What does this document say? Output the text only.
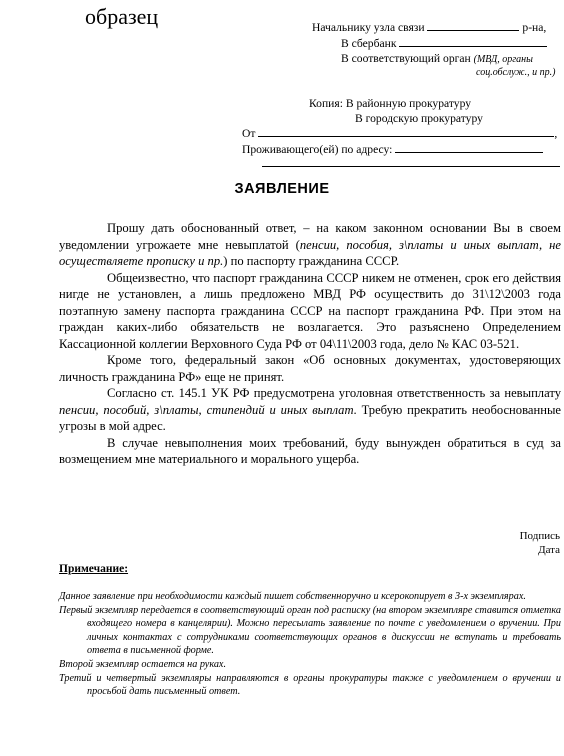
образец	Начальнику узла связи	р-на,
В сбербанк
В соответствующий орган (МВД, органы
соц.обслуж., и пр.)
Копия: В районную прокуратуру
В городскую прокуратуру
От	,
Проживающего(ей) по адресу:
ЗАЯВЛЕНИЕ

Прошу дать обоснованный ответ, – на каком законном основании Вы в своем уведомлении угрожаете мне невыплатой (пенсии, пособия, з\платы и иных выплат, не осуществляете прописку и пр.) по паспорту гражданина СССР.

Общеизвестно, что паспорт гражданина СССР никем не отменен, срок его действия нигде не установлен, а лишь предложено МВД РФ осуществить до 31\12\2003 года поэтапную замену паспорта гражданина СССР на паспорт гражданина РФ. При этом на граждан каких-либо обязательств не возлагается. Это разъяснено Определением Кассационной коллегии Верховного Суда РФ от 04\11\2003 года, дело № КАС 03-521.

Кроме того, федеральный закон «Об основных документах, удостоверяющих личность гражданина РФ» еще не принят.

Согласно ст. 145.1 УК РФ предусмотрена уголовная ответственность за невыплату пенсии, пособий, з\платы, стипендий и иных выплат. Требую прекратить необоснованные угрозы в мой адрес.

В случае невыполнения моих требований, буду вынужден обратиться в суд за возмещением мне материального и морального ущерба.

Подпись
Дата
Примечание:

Данное заявление при необходимости каждый пишет собственноручно и ксерокопирует в 3-х экземплярах.

Первый экземпляр передается в соответствующий орган под расписку (на втором экземпляре ставится отметка входящего номера в канцелярии). Можно пересылать заявление по почте с уведомлением о вручении. При личных контактах с сотрудниками соответствующих органов в дискуссии не вступать и требовать ответа в письменной форме.

Второй экземпляр остается на руках.

Третий и четвертый экземпляры направляются в органы прокуратуры также с уведомлением о вручении и просьбой дать письменный ответ.
